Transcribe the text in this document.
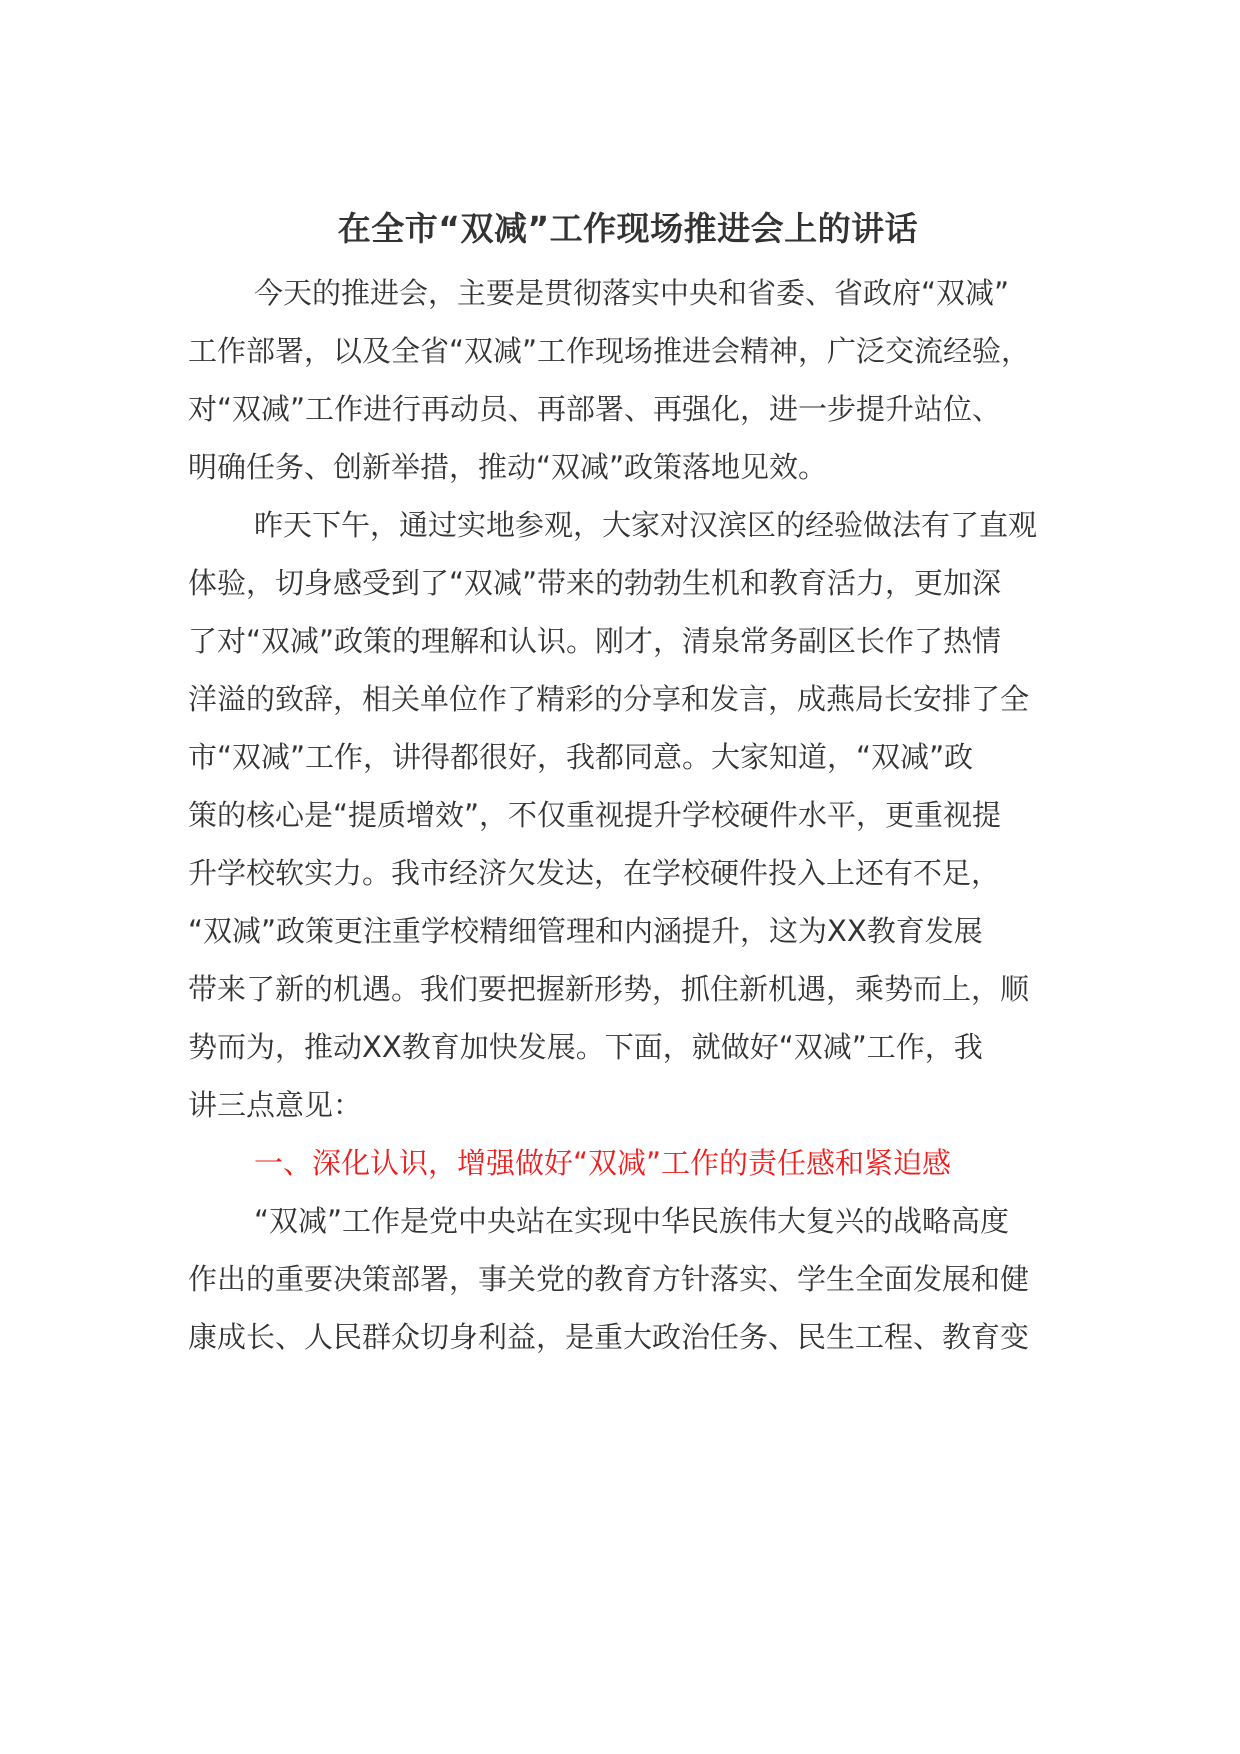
在全市“双减”工作现场推进会上的讲话
今天的推进会，主要是贯彻落实中央和省委、省政府“双减”
工作部署，以及全省“双减”工作现场推进会精神，广泛交流经验，
对“双减”工作进行再动员、再部署、再强化，进一步提升站位、
明确任务、创新举措，推动“双减”政策落地见效。
昨天下午，通过实地参观，大家对汉滨区的经验做法有了直观
体验，切身感受到了“双减”带来的勃勃生机和教育活力，更加深
了对“双减”政策的理解和认识。刚才，清泉常务副区长作了热情
洋溢的致辞，相关单位作了精彩的分享和发言，成燕局长安排了全
市“双减”工作，讲得都很好，我都同意。大家知道，“双减”政
策的核心是“提质增效”，不仅重视提升学校硬件水平，更重视提
升学校软实力。我市经济欠发达，在学校硬件投入上还有不足，
“双减”政策更注重学校精细管理和内涵提升，这为XX教育发展
带来了新的机遇。我们要把握新形势，抓住新机遇，乘势而上，顺
势而为，推动XX教育加快发展。下面，就做好“双减”工作，我
讲三点意见：
一、深化认识，增强做好“双减”工作的责任感和紧迫感
“双减”工作是党中央站在实现中华民族伟大复兴的战略高度
作出的重要决策部署，事关党的教育方针落实、学生全面发展和健
康成长、人民群众切身利益，是重大政治任务、民生工程、教育变
